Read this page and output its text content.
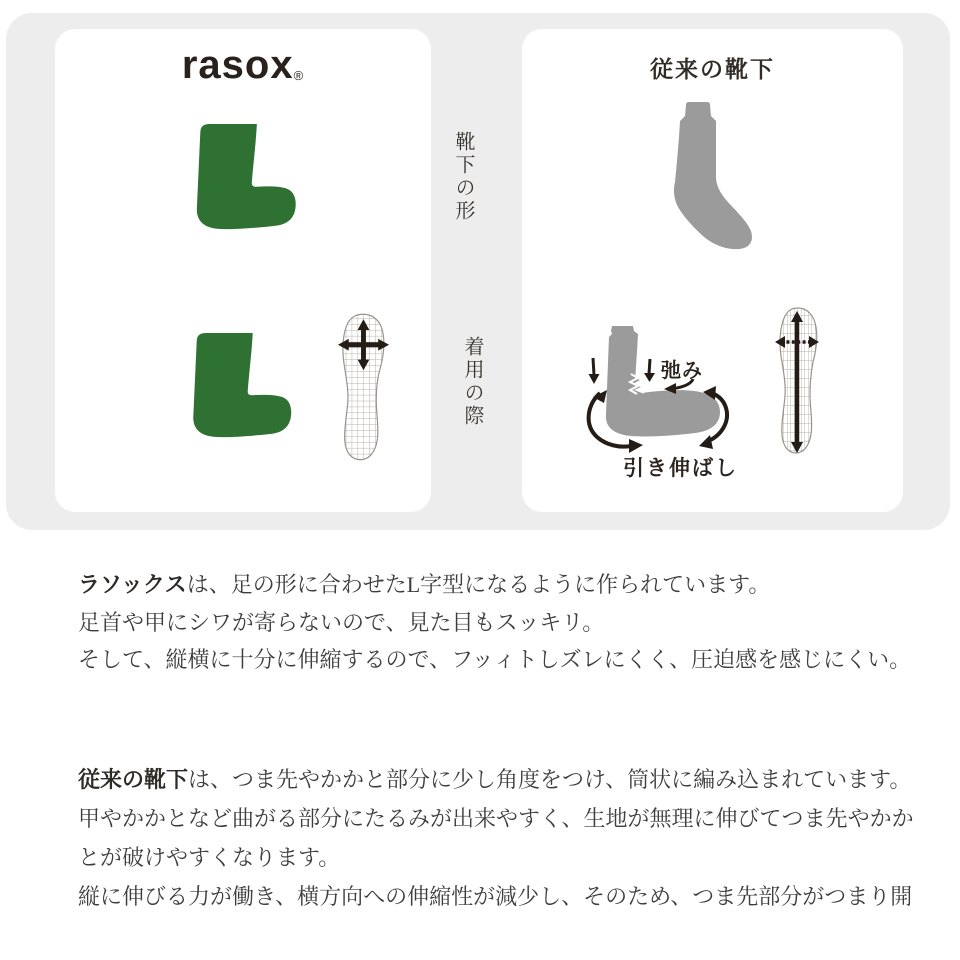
rasox®
靴下の形
着用の際
従来の靴下
弛み
引き伸ばし
ラソックスは、足の形に合わせたL字型になるように作られています。
足首や甲にシワが寄らないので、見た目もスッキリ。
そして、縦横に十分に伸縮するので、フッィトしズレにくく、圧迫感を感じにくい。
従来の靴下は、つま先やかかと部分に少し角度をつけ、筒状に編み込まれています。
甲やかかとなど曲がる部分にたるみが出来やすく、生地が無理に伸びてつま先やかか
とが破けやすくなります。
縦に伸びる力が働き、横方向への伸縮性が減少し、そのため、つま先部分がつまり開
